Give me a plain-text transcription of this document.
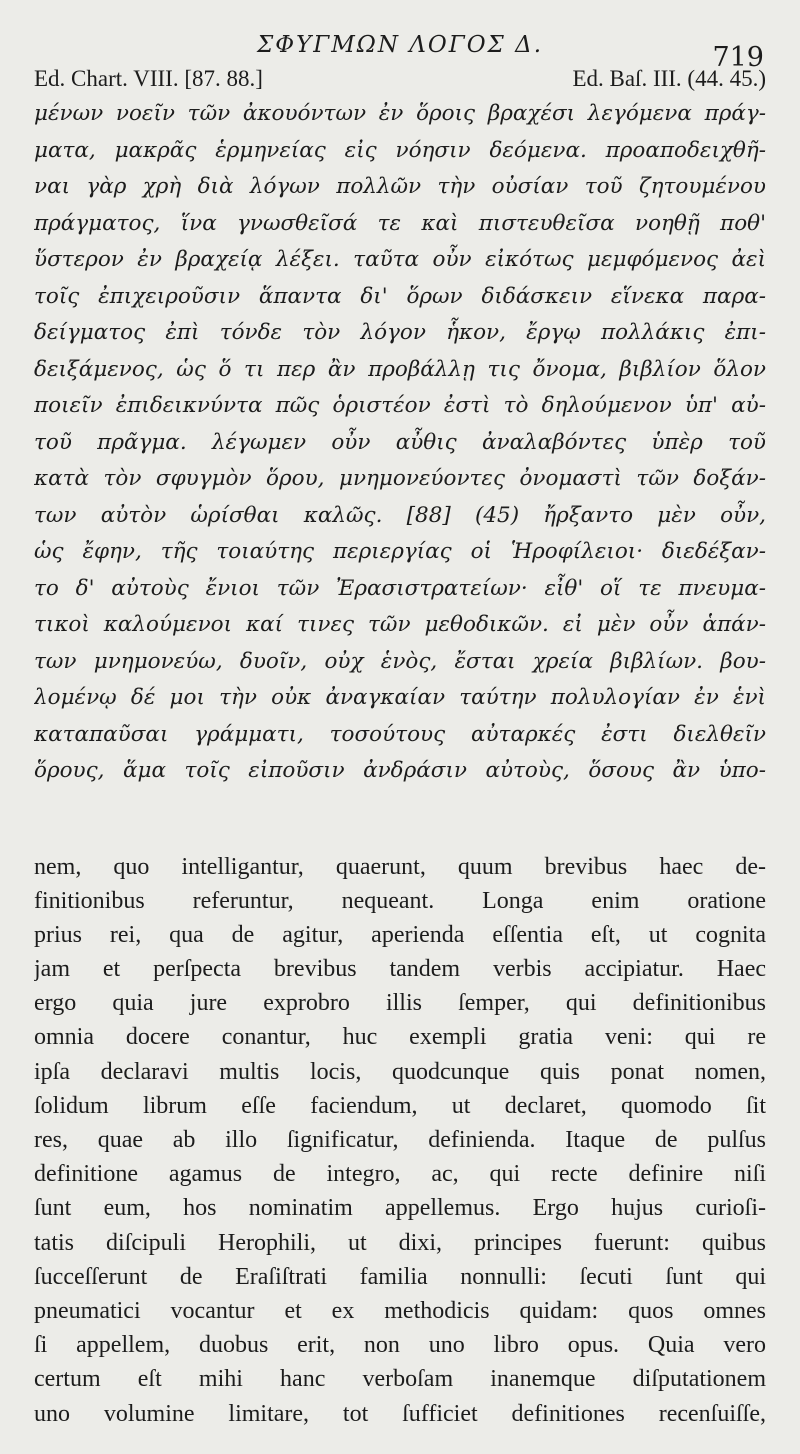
ΣΦΥΓΜΩΝ ΛΟΓΟΣ Δ.	719
Ed. Chart. VIII. [87. 88.]	Ed. Baſ. III. (44. 45.)
μένων νοεῖν τῶν ἀκουόντων ἐν ὅροις βραχέσι λεγόμενα πράγ-
ματα, μακρᾶς ἑρμηνείας εἰς νόησιν δεόμενα. προαποδειχθῆ-
ναι γὰρ χρὴ διὰ λόγων πολλῶν τὴν οὐσίαν τοῦ ζητουμένου
πράγματος, ἵνα γνωσθεῖσά τε καὶ πιστευθεῖσα νοηθῇ ποθ'
ὕστερον ἐν βραχείᾳ λέξει. ταῦτα οὖν εἰκότως μεμφόμενος ἀεὶ
τοῖς ἐπιχειροῦσιν ἅπαντα δι' ὅρων διδάσκειν εἵνεκα παρα-
δείγματος ἐπὶ τόνδε τὸν λόγον ἧκον, ἔργῳ πολλάκις ἐπι-
δειξάμενος, ὡς ὅ τι περ ἂν προβάλλῃ τις ὄνομα, βιβλίον ὅλον
ποιεῖν ἐπιδεικνύντα πῶς ὁριστέον ἐστὶ τὸ δηλούμενον ὑπ' αὐ-
τοῦ πρᾶγμα. λέγωμεν οὖν αὖθις ἀναλαβόντες ὑπὲρ τοῦ
κατὰ τὸν σφυγμὸν ὅρου, μνημονεύοντες ὀνομαστὶ τῶν δοξάν-
των αὐτὸν ὡρίσθαι καλῶς. [88] (45) ἤρξαντο μὲν οὖν,
ὡς ἔφην, τῆς τοιαύτης περιεργίας οἱ Ἡροφίλειοι· διεδέξαν-
το δ' αὐτοὺς ἔνιοι τῶν Ἐρασιστρατείων· εἶθ' οἵ τε πνευμα-
τικοὶ καλούμενοι καί τινες τῶν μεθοδικῶν. εἰ μὲν οὖν ἁπάν-
των μνημονεύω, δυοῖν, οὐχ ἑνὸς, ἔσται χρεία βιβλίων. βου-
λομένῳ δέ μοι τὴν οὐκ ἀναγκαίαν ταύτην πολυλογίαν ἐν ἑνὶ
καταπαῦσαι γράμματι, τοσούτους αὐταρκές ἐστι διελθεῖν
ὅρους, ἅμα τοῖς εἰποῦσιν ἀνδράσιν αὐτοὺς, ὅσους ἂν ὑπο-
nem, quo intelligantur, quaerunt, quum brevibus haec de-
finitionibus referuntur, nequeant. Longa enim oratione
prius rei, qua de agitur, aperienda eſſentia eſt, ut cognita
jam et perſpecta brevibus tandem verbis accipiatur. Haec
ergo quia jure exprobro illis ſemper, qui definitionibus
omnia docere conantur, huc exempli gratia veni: qui re
ipſa declaravi multis locis, quodcunque quis ponat nomen,
ſolidum librum eſſe faciendum, ut declaret, quomodo ſit
res, quae ab illo ſignificatur, definienda. Itaque de pulſus
definitione agamus de integro, ac, qui recte definire niſi
ſunt eum, hos nominatim appellemus. Ergo hujus curioſi-
tatis diſcipuli Herophili, ut dixi, principes fuerunt: quibus
ſucceſſerunt de Eraſiſtrati familia nonnulli: ſecuti ſunt qui
pneumatici vocantur et ex methodicis quidam: quos omnes
ſi appellem, duobus erit, non uno libro opus. Quia vero
certum eſt mihi hanc verboſam inanemque diſputationem
uno volumine limitare, tot ſufficiet definitiones recenſuiſſe,
